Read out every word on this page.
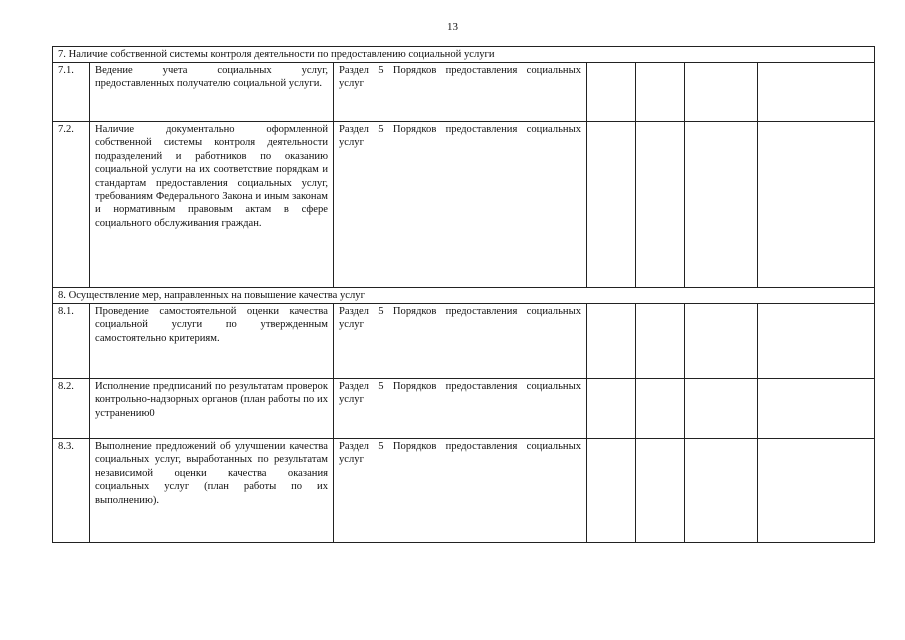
13
7. Наличие собственной системы контроля деятельности по предоставлению социальной услуги						
7.1.	Ведение учета социальных услуг, предоставленных получателю социальной услуги.	Раздел 5 Порядков предоставления социальных услуг				
7.2.	Наличие документально оформленной собственной системы контроля деятельности подразделений и работников по оказанию социальной услуги на их соответствие порядкам и стандартам предоставления социальных услуг, требованиям Федерального Закона и иным законам и нормативным правовым актам в сфере социального обслуживания граждан.	Раздел 5 Порядков предоставления социальных услуг				
8. Осуществление мер, направленных на повышение качества услуг						
8.1.	Проведение самостоятельной оценки качества социальной услуги по утвержденным самостоятельно критериям.	Раздел 5 Порядков предоставления социальных услуг				
8.2.	Исполнение предписаний по результатам проверок контрольно-надзорных органов (план работы по их устранению0	Раздел 5 Порядков предоставления социальных услуг				
8.3.	Выполнение предложений об улучшении качества социальных услуг, выработанных по результатам независимой оценки качества оказания социальных услуг (план работы по их выполнению).	Раздел 5 Порядков предоставления социальных услуг				
